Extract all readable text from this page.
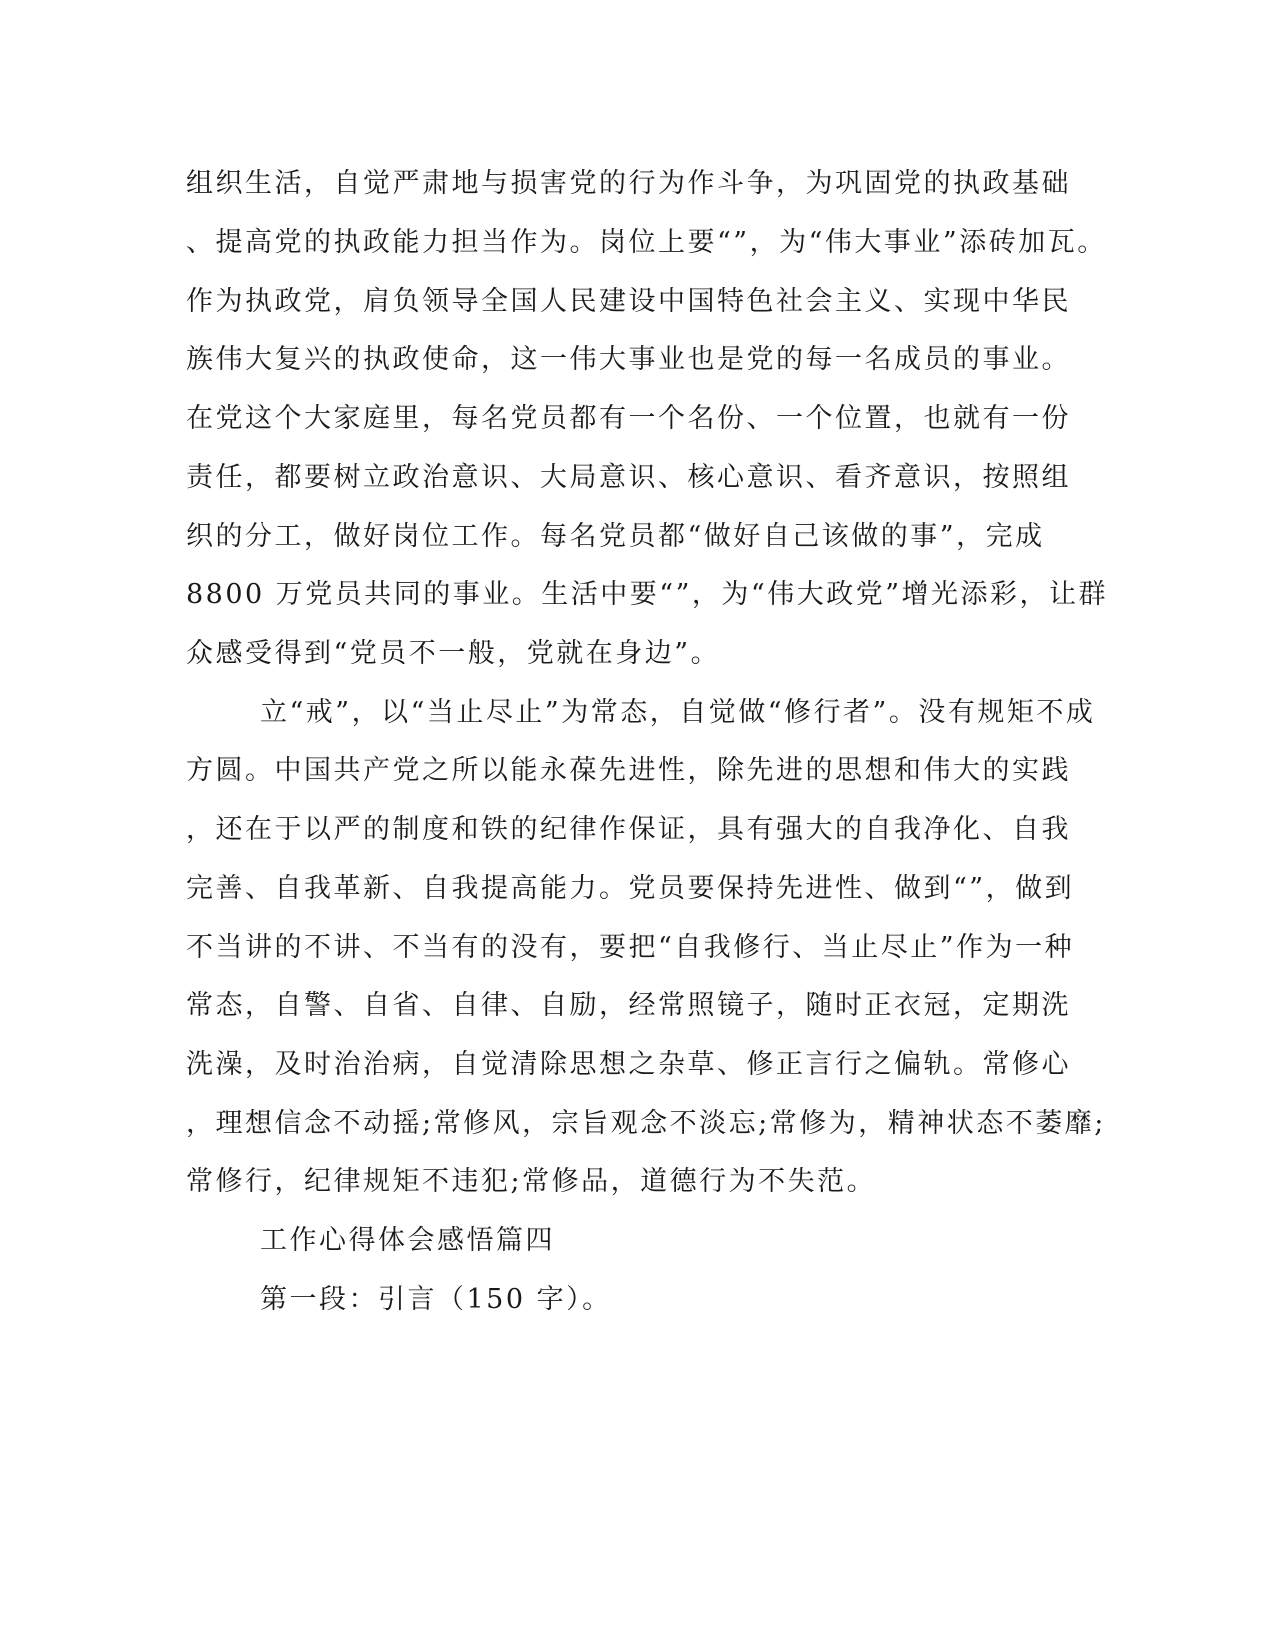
组织生活，自觉严肃地与损害党的行为作斗争，为巩固党的执政基础

、提高党的执政能力担当作为。岗位上要“”，为“伟大事业”添砖加瓦。

作为执政党，肩负领导全国人民建设中国特色社会主义、实现中华民

族伟大复兴的执政使命，这一伟大事业也是党的每一名成员的事业。

在党这个大家庭里，每名党员都有一个名份、一个位置，也就有一份

责任，都要树立政治意识、大局意识、核心意识、看齐意识，按照组

织的分工，做好岗位工作。每名党员都“做好自己该做的事”，完成

8800 万党员共同的事业。生活中要“”，为“伟大政党”增光添彩，让群

众感受得到“党员不一般，党就在身边”。

立“戒”，以“当止尽止”为常态，自觉做“修行者”。没有规矩不成

方圆。中国共产党之所以能永葆先进性，除先进的思想和伟大的实践

，还在于以严的制度和铁的纪律作保证，具有强大的自我净化、自我

完善、自我革新、自我提高能力。党员要保持先进性、做到“”，做到

不当讲的不讲、不当有的没有，要把“自我修行、当止尽止”作为一种

常态，自警、自省、自律、自励，经常照镜子，随时正衣冠，定期洗

洗澡，及时治治病，自觉清除思想之杂草、修正言行之偏轨。常修心

，理想信念不动摇;常修风，宗旨观念不淡忘;常修为，精神状态不萎靡;

常修行，纪律规矩不违犯;常修品，道德行为不失范。

工作心得体会感悟篇四

第一段：引言（150 字）。
